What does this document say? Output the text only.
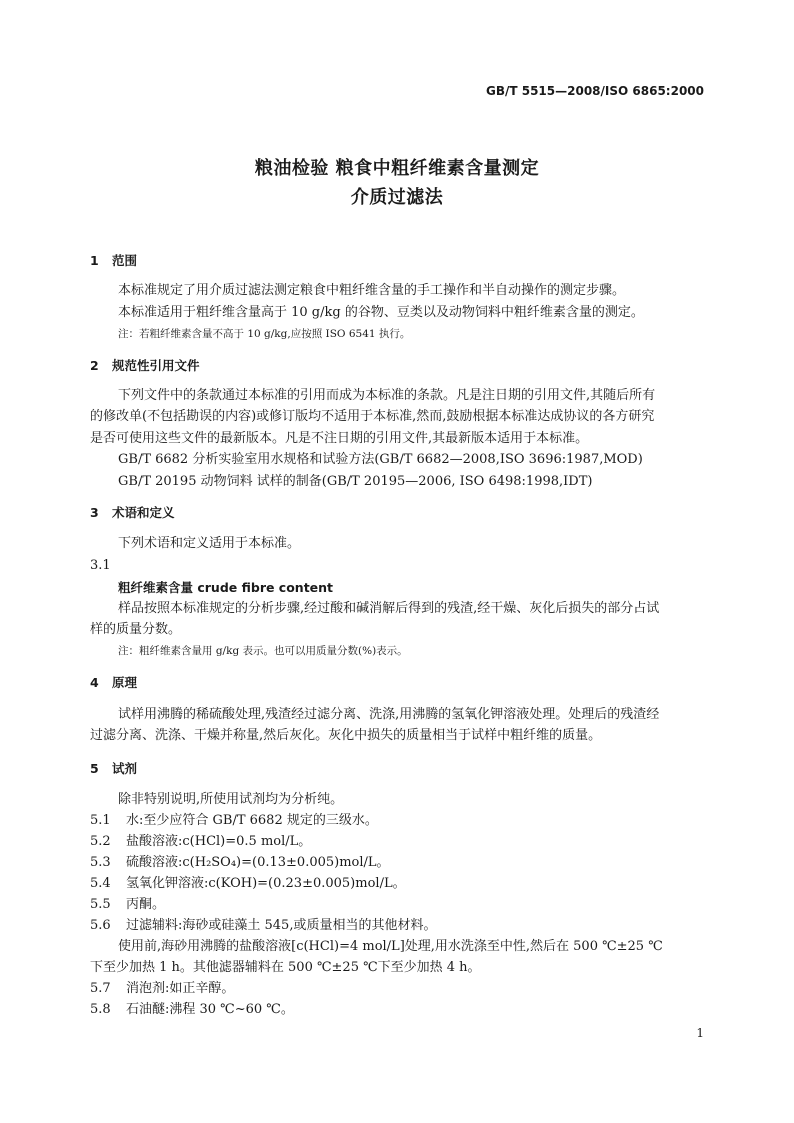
GB/T 5515—2008/ISO 6865:2000
粮油检验 粮食中粗纤维素含量测定
介质过滤法
1 范围
本标准规定了用介质过滤法测定粮食中粗纤维含量的手工操作和半自动操作的测定步骤。
本标准适用于粗纤维含量高于 10 g/kg 的谷物、豆类以及动物饲料中粗纤维素含量的测定。
注：若粗纤维素含量不高于 10 g/kg,应按照 ISO 6541 执行。
2 规范性引用文件
下列文件中的条款通过本标准的引用而成为本标准的条款。凡是注日期的引用文件,其随后所有
的修改单(不包括勘误的内容)或修订版均不适用于本标准,然而,鼓励根据本标准达成协议的各方研究
是否可使用这些文件的最新版本。凡是不注日期的引用文件,其最新版本适用于本标准。
GB/T 6682 分析实验室用水规格和试验方法(GB/T 6682—2008,ISO 3696:1987,MOD)
GB/T 20195 动物饲料 试样的制备(GB/T 20195—2006, ISO 6498:1998,IDT)
3 术语和定义
下列术语和定义适用于本标准。
3.1
粗纤维素含量 crude fibre content
样品按照本标准规定的分析步骤,经过酸和碱消解后得到的残渣,经干燥、灰化后损失的部分占试
样的质量分数。
注：粗纤维素含量用 g/kg 表示。也可以用质量分数(%)表示。
4 原理
试样用沸腾的稀硫酸处理,残渣经过滤分离、洗涤,用沸腾的氢氧化钾溶液处理。处理后的残渣经
过滤分离、洗涤、干燥并称量,然后灰化。灰化中损失的质量相当于试样中粗纤维的质量。
5 试剂
除非特别说明,所使用试剂均为分析纯。
5.1 水:至少应符合 GB/T 6682 规定的三级水。
5.2 盐酸溶液:c(HCl)=0.5 mol/L。
5.3 硫酸溶液:c(H₂SO₄)=(0.13±0.005)mol/L。
5.4 氢氧化钾溶液:c(KOH)=(0.23±0.005)mol/L。
5.5 丙酮。
5.6 过滤辅料:海砂或硅藻土 545,或质量相当的其他材料。
使用前,海砂用沸腾的盐酸溶液[c(HCl)=4 mol/L]处理,用水洗涤至中性,然后在 500 ℃±25 ℃
下至少加热 1 h。其他滤器辅料在 500 ℃±25 ℃下至少加热 4 h。
5.7 消泡剂:如正辛醇。
5.8 石油醚:沸程 30 ℃~60 ℃。
1
